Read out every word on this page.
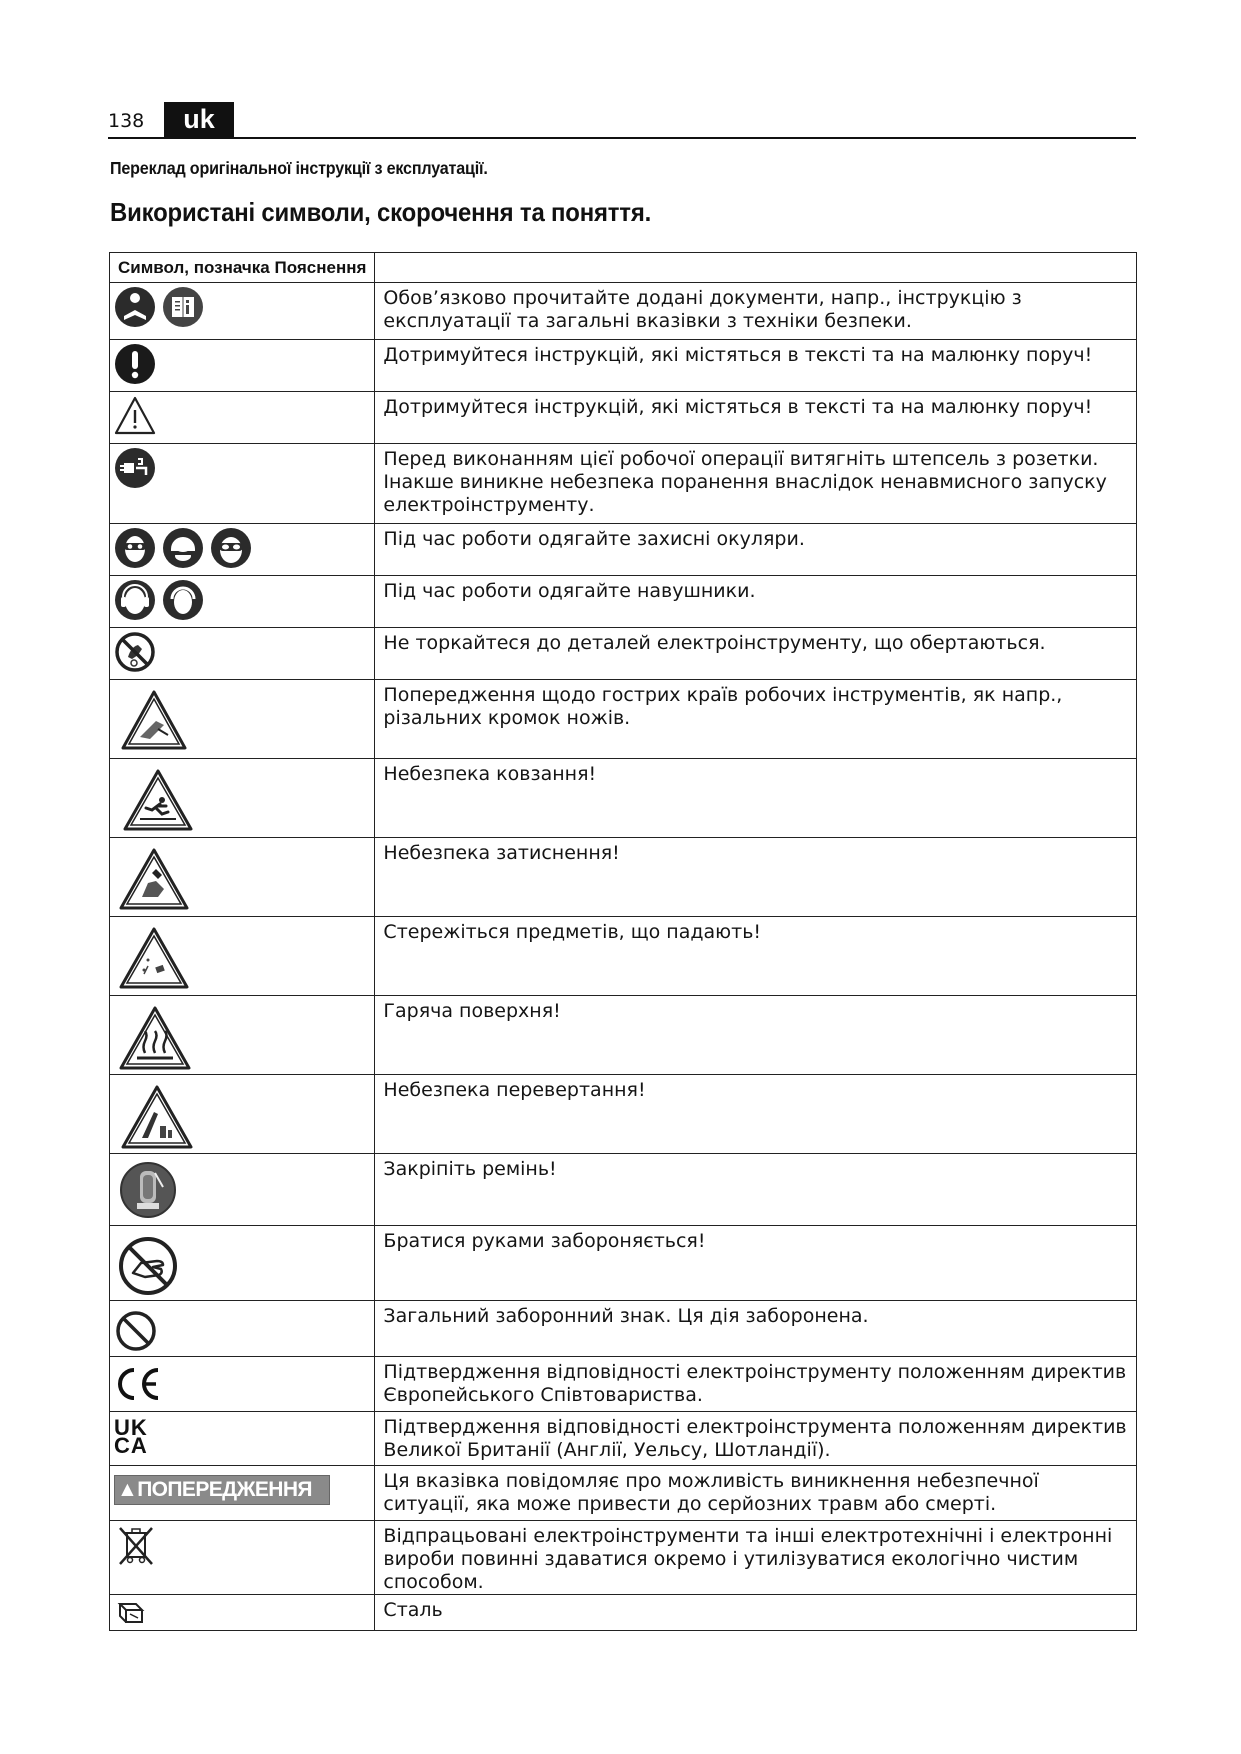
138	uk
Переклад оригінальної інструкції з експлуатації.
Використані символи, скорочення та поняття.
Символ, позначка Пояснення	

	Обов’язково прочитайте додані документи, напр., інструкцію з експлуатації та загальні вказівки з техніки безпеки.

	Дотримуйтеся інструкцій, які містяться в тексті та на малюнку поруч!

	Дотримуйтеся інструкцій, які містяться в тексті та на малюнку поруч!

	Перед виконанням цієї робочої операції витягніть штепсель з розетки. Інакше виникне небезпека поранення внаслідок ненавмисного запуску електроінструменту.

	Під час роботи одягайте захисні окуляри.

	Під час роботи одягайте навушники.

	Не торкайтеся до деталей електроінструменту, що обертаються.

	Попередження щодо гострих країв робочих інструментів, як напр., різальних кромок ножів.

	Небезпека ковзання!

	Небезпека затиснення!

	Стережіться предметів, що падають!

	Гаряча поверхня!

	Небезпека перевертання!

	Закріпіть ремінь!

	Братися руками забороняється!

	Загальний заборонний знак. Ця дія заборонена.

	Підтвердження відповідності електроінструменту положенням директив Європейського Співтовариства.

UK
CA	Підтвердження відповідності електроінструмента положенням директив Великої Британії (Англії, Уельсу, Шотландії).

▲ПОПЕРЕДЖЕННЯ	Ця вказівка повідомляє про можливість виникнення небезпечної ситуації, яка може привести до серйозних травм або смерті.

	Відпрацьовані електроінструменти та інші електротехнічні і електронні вироби повинні здаватися окремо і утилізуватися екологічно чистим способом.

	Сталь
